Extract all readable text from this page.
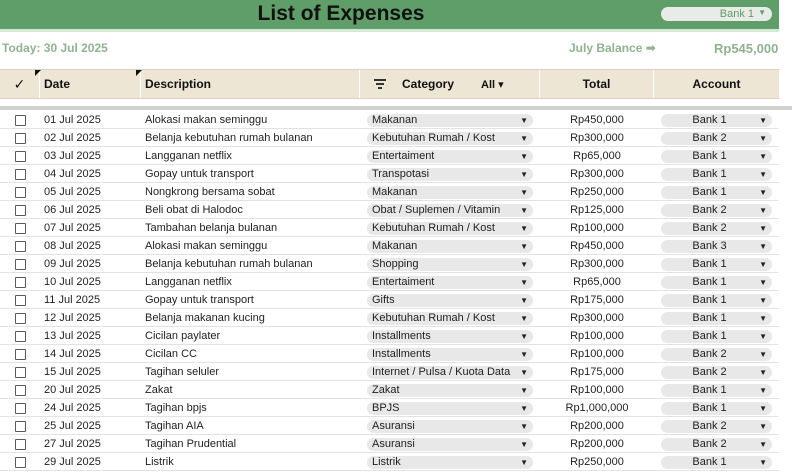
List of Expenses	Bank 1 ▼
Today: 30 Jul 2025	July Balance ➡	Rp545,000
✓ Date	Description	Category All ▾	Total	Account
01 Jul 2025	Alokasi makan seminggu	Makanan	▼	Rp450,000	Bank 1	▼
02 Jul 2025	Belanja kebutuhan rumah bulanan	Kebutuhan Rumah / Kost	▼	Rp300,000	Bank 2	▼
03 Jul 2025	Langganan netflix	Entertaiment	▼	Rp65,000	Bank 1	▼
04 Jul 2025	Gopay untuk transport	Transpotasi	▼	Rp300,000	Bank 1	▼
05 Jul 2025	Nongkrong bersama sobat	Makanan	▼	Rp250,000	Bank 1	▼
06 Jul 2025	Beli obat di Halodoc	Obat / Suplemen / Vitamin ▼	Rp125,000	Bank 2	▼
07 Jul 2025	Tambahan belanja bulanan	Kebutuhan Rumah / Kost	▼	Rp100,000	Bank 2	▼
08 Jul 2025	Alokasi makan seminggu	Makanan	▼	Rp450,000	Bank 3	▼
09 Jul 2025	Belanja kebutuhan rumah bulanan	Shopping	▼	Rp300,000	Bank 1	▼
10 Jul 2025	Langganan netflix	Entertaiment	▼	Rp65,000	Bank 1	▼
11 Jul 2025	Gopay untuk transport	Gifts	▼	Rp175,000	Bank 1	▼
12 Jul 2025	Belanja makanan kucing	Kebutuhan Rumah / Kost	▼	Rp300,000	Bank 1	▼
13 Jul 2025	Cicilan paylater	Installments	▼	Rp100,000	Bank 1	▼
14 Jul 2025	Cicilan CC	Installments	▼	Rp100,000	Bank 2	▼
15 Jul 2025	Tagihan seluler	Internet / Pulsa / Kuota Data ▼	Rp175,000	Bank 2	▼
20 Jul 2025	Zakat	Zakat	▼	Rp100,000	Bank 1	▼
24 Jul 2025	Tagihan bpjs	BPJS	▼	Rp1,000,000	Bank 1	▼
25 Jul 2025	Tagihan AIA	Asuransi	▼	Rp200,000	Bank 2	▼
27 Jul 2025	Tagihan Prudential	Asuransi	▼	Rp200,000	Bank 2	▼
29 Jul 2025	Listrik	Listrik	▼	Rp250,000	Bank 1	▼
